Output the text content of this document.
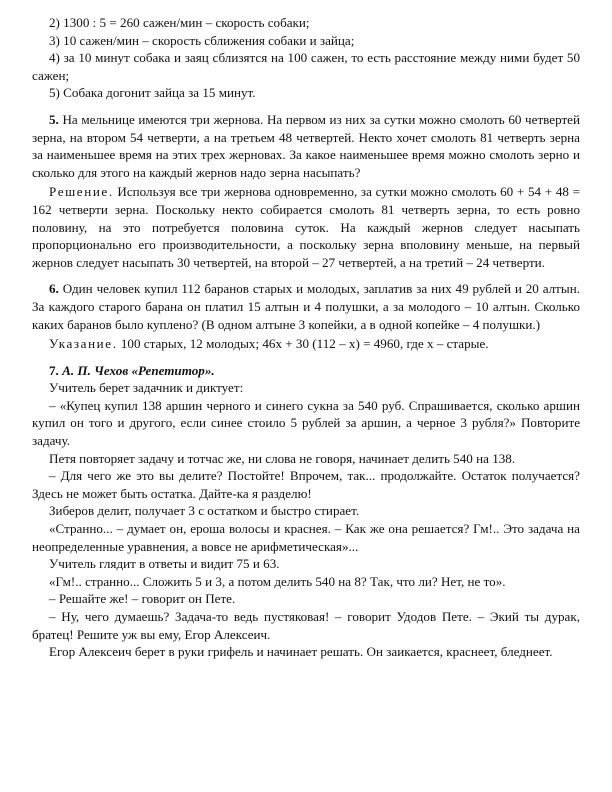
2) 1300 : 5 = 260 сажен/мин – скорость собаки;

3) 10 сажен/мин – скорость сближения собаки и зайца;

4) за 10 минут собака и заяц сблизятся на 100 сажен, то есть расстояние между ними будет 50 сажен;

5) Собака догонит зайца за 15 минут.

5. На мельнице имеются три жернова. На первом из них за сутки можно смолоть 60 четвертей зерна, на втором 54 четверти, а на третьем 48 четвертей. Некто хочет смолоть 81 четверть зерна за наименьшее время на этих трех жерновах. За какое наименьшее время можно смолоть зерно и сколько для этого на каждый жернов надо зерна насыпать?

Решение. Используя все три жернова одновременно, за сутки можно смолоть 60 + 54 + 48 = 162 четверти зерна. Поскольку некто собирается смолоть 81 четверть зерна, то есть ровно половину, на это потребуется половина суток. На каждый жернов следует насыпать пропорционально его производительности, а поскольку зерна вполовину меньше, на первый жернов следует насыпать 30 четвертей, на второй – 27 четвертей, а на третий – 24 четверти.

6. Один человек купил 112 баранов старых и молодых, заплатив за них 49 рублей и 20 алтын. За каждого старого барана он платил 15 алтын и 4 полушки, а за молодого – 10 алтын. Сколько каких баранов было куплено? (В одном алтыне 3 копейки, а в одной копейке – 4 полушки.)

Указание. 100 старых, 12 молодых; 46x + 30 (112 – x) = 4960, где x – старые.

7. А. П. Чехов «Репетитор».

Учитель берет задачник и диктует:

– «Купец купил 138 аршин черного и синего сукна за 540 руб. Спрашивается, сколько аршин купил он того и другого, если синее стоило 5 рублей за аршин, а черное 3 рубля?» Повторите задачу.

Петя повторяет задачу и тотчас же, ни слова не говоря, начинает делить 540 на 138.

– Для чего же это вы делите? Постойте! Впрочем, так... продолжайте. Остаток получается? Здесь не может быть остатка. Дайте-ка я разделю!

Зиберов делит, получает 3 с остатком и быстро стирает.

«Странно... – думает он, ероша волосы и краснея. – Как же она решается? Гм!.. Это задача на неопределенные уравнения, а вовсе не арифметическая»...

Учитель глядит в ответы и видит 75 и 63.

«Гм!.. странно... Сложить 5 и 3, а потом делить 540 на 8? Так, что ли? Нет, не то».

– Решайте же! – говорит он Пете.

– Ну, чего думаешь? Задача-то ведь пустяковая! – говорит Удодов Пете. – Экий ты дурак, братец! Решите уж вы ему, Егор Алексеич.

Егор Алексеич берет в руки грифель и начинает решать. Он заикается, краснеет, бледнеет.
